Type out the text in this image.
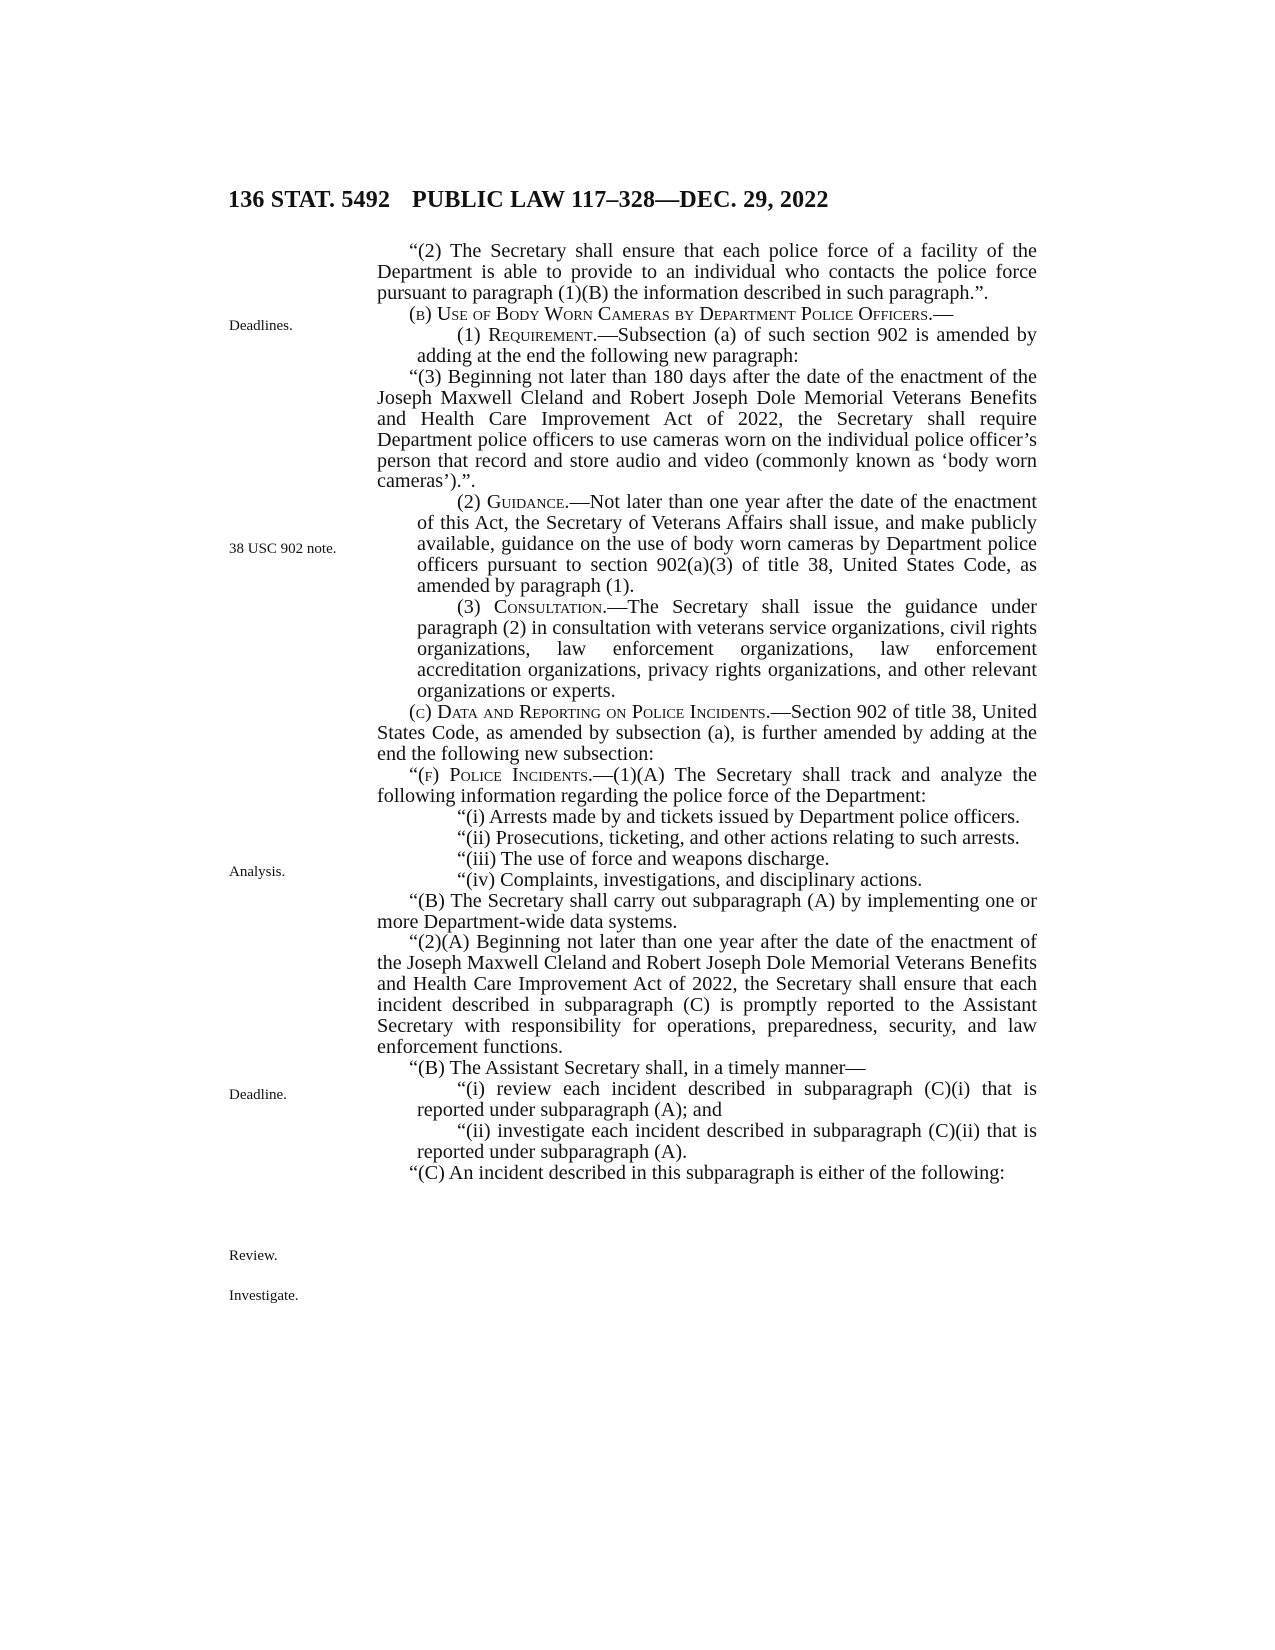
136 STAT. 5492 PUBLIC LAW 117–328—DEC. 29, 2022
Deadlines.
38 USC 902 note.
Analysis.
Deadline.
Review.
Investigate.

“(2) The Secretary shall ensure that each police force of a facility of the Department is able to provide to an individual who contacts the police force pursuant to paragraph (1)(B) the information described in such paragraph.”.

(b) Use of Body Worn Cameras by Department Police Officers.—

(1) Requirement.—Subsection (a) of such section 902 is amended by adding at the end the following new paragraph:

“(3) Beginning not later than 180 days after the date of the enactment of the Joseph Maxwell Cleland and Robert Joseph Dole Memorial Veterans Benefits and Health Care Improvement Act of 2022, the Secretary shall require Department police officers to use cameras worn on the individual police officer’s person that record and store audio and video (commonly known as ‘body worn cameras’).”.

(2) Guidance.—Not later than one year after the date of the enactment of this Act, the Secretary of Veterans Affairs shall issue, and make publicly available, guidance on the use of body worn cameras by Department police officers pursuant to section 902(a)(3) of title 38, United States Code, as amended by paragraph (1).

(3) Consultation.—The Secretary shall issue the guidance under paragraph (2) in consultation with veterans service organizations, civil rights organizations, law enforcement organizations, law enforcement accreditation organizations, privacy rights organizations, and other relevant organizations or experts.

(c) Data and Reporting on Police Incidents.—Section 902 of title 38, United States Code, as amended by subsection (a), is further amended by adding at the end the following new subsection:

“(f) Police Incidents.—(1)(A) The Secretary shall track and analyze the following information regarding the police force of the Department:

“(i) Arrests made by and tickets issued by Department police officers.

“(ii) Prosecutions, ticketing, and other actions relating to such arrests.

“(iii) The use of force and weapons discharge.

“(iv) Complaints, investigations, and disciplinary actions.

“(B) The Secretary shall carry out subparagraph (A) by implementing one or more Department-wide data systems.

“(2)(A) Beginning not later than one year after the date of the enactment of the Joseph Maxwell Cleland and Robert Joseph Dole Memorial Veterans Benefits and Health Care Improvement Act of 2022, the Secretary shall ensure that each incident described in subparagraph (C) is promptly reported to the Assistant Secretary with responsibility for operations, preparedness, security, and law enforcement functions.

“(B) The Assistant Secretary shall, in a timely manner—

“(i) review each incident described in subparagraph (C)(i) that is reported under subparagraph (A); and

“(ii) investigate each incident described in subparagraph (C)(ii) that is reported under subparagraph (A).

“(C) An incident described in this subparagraph is either of the following:
